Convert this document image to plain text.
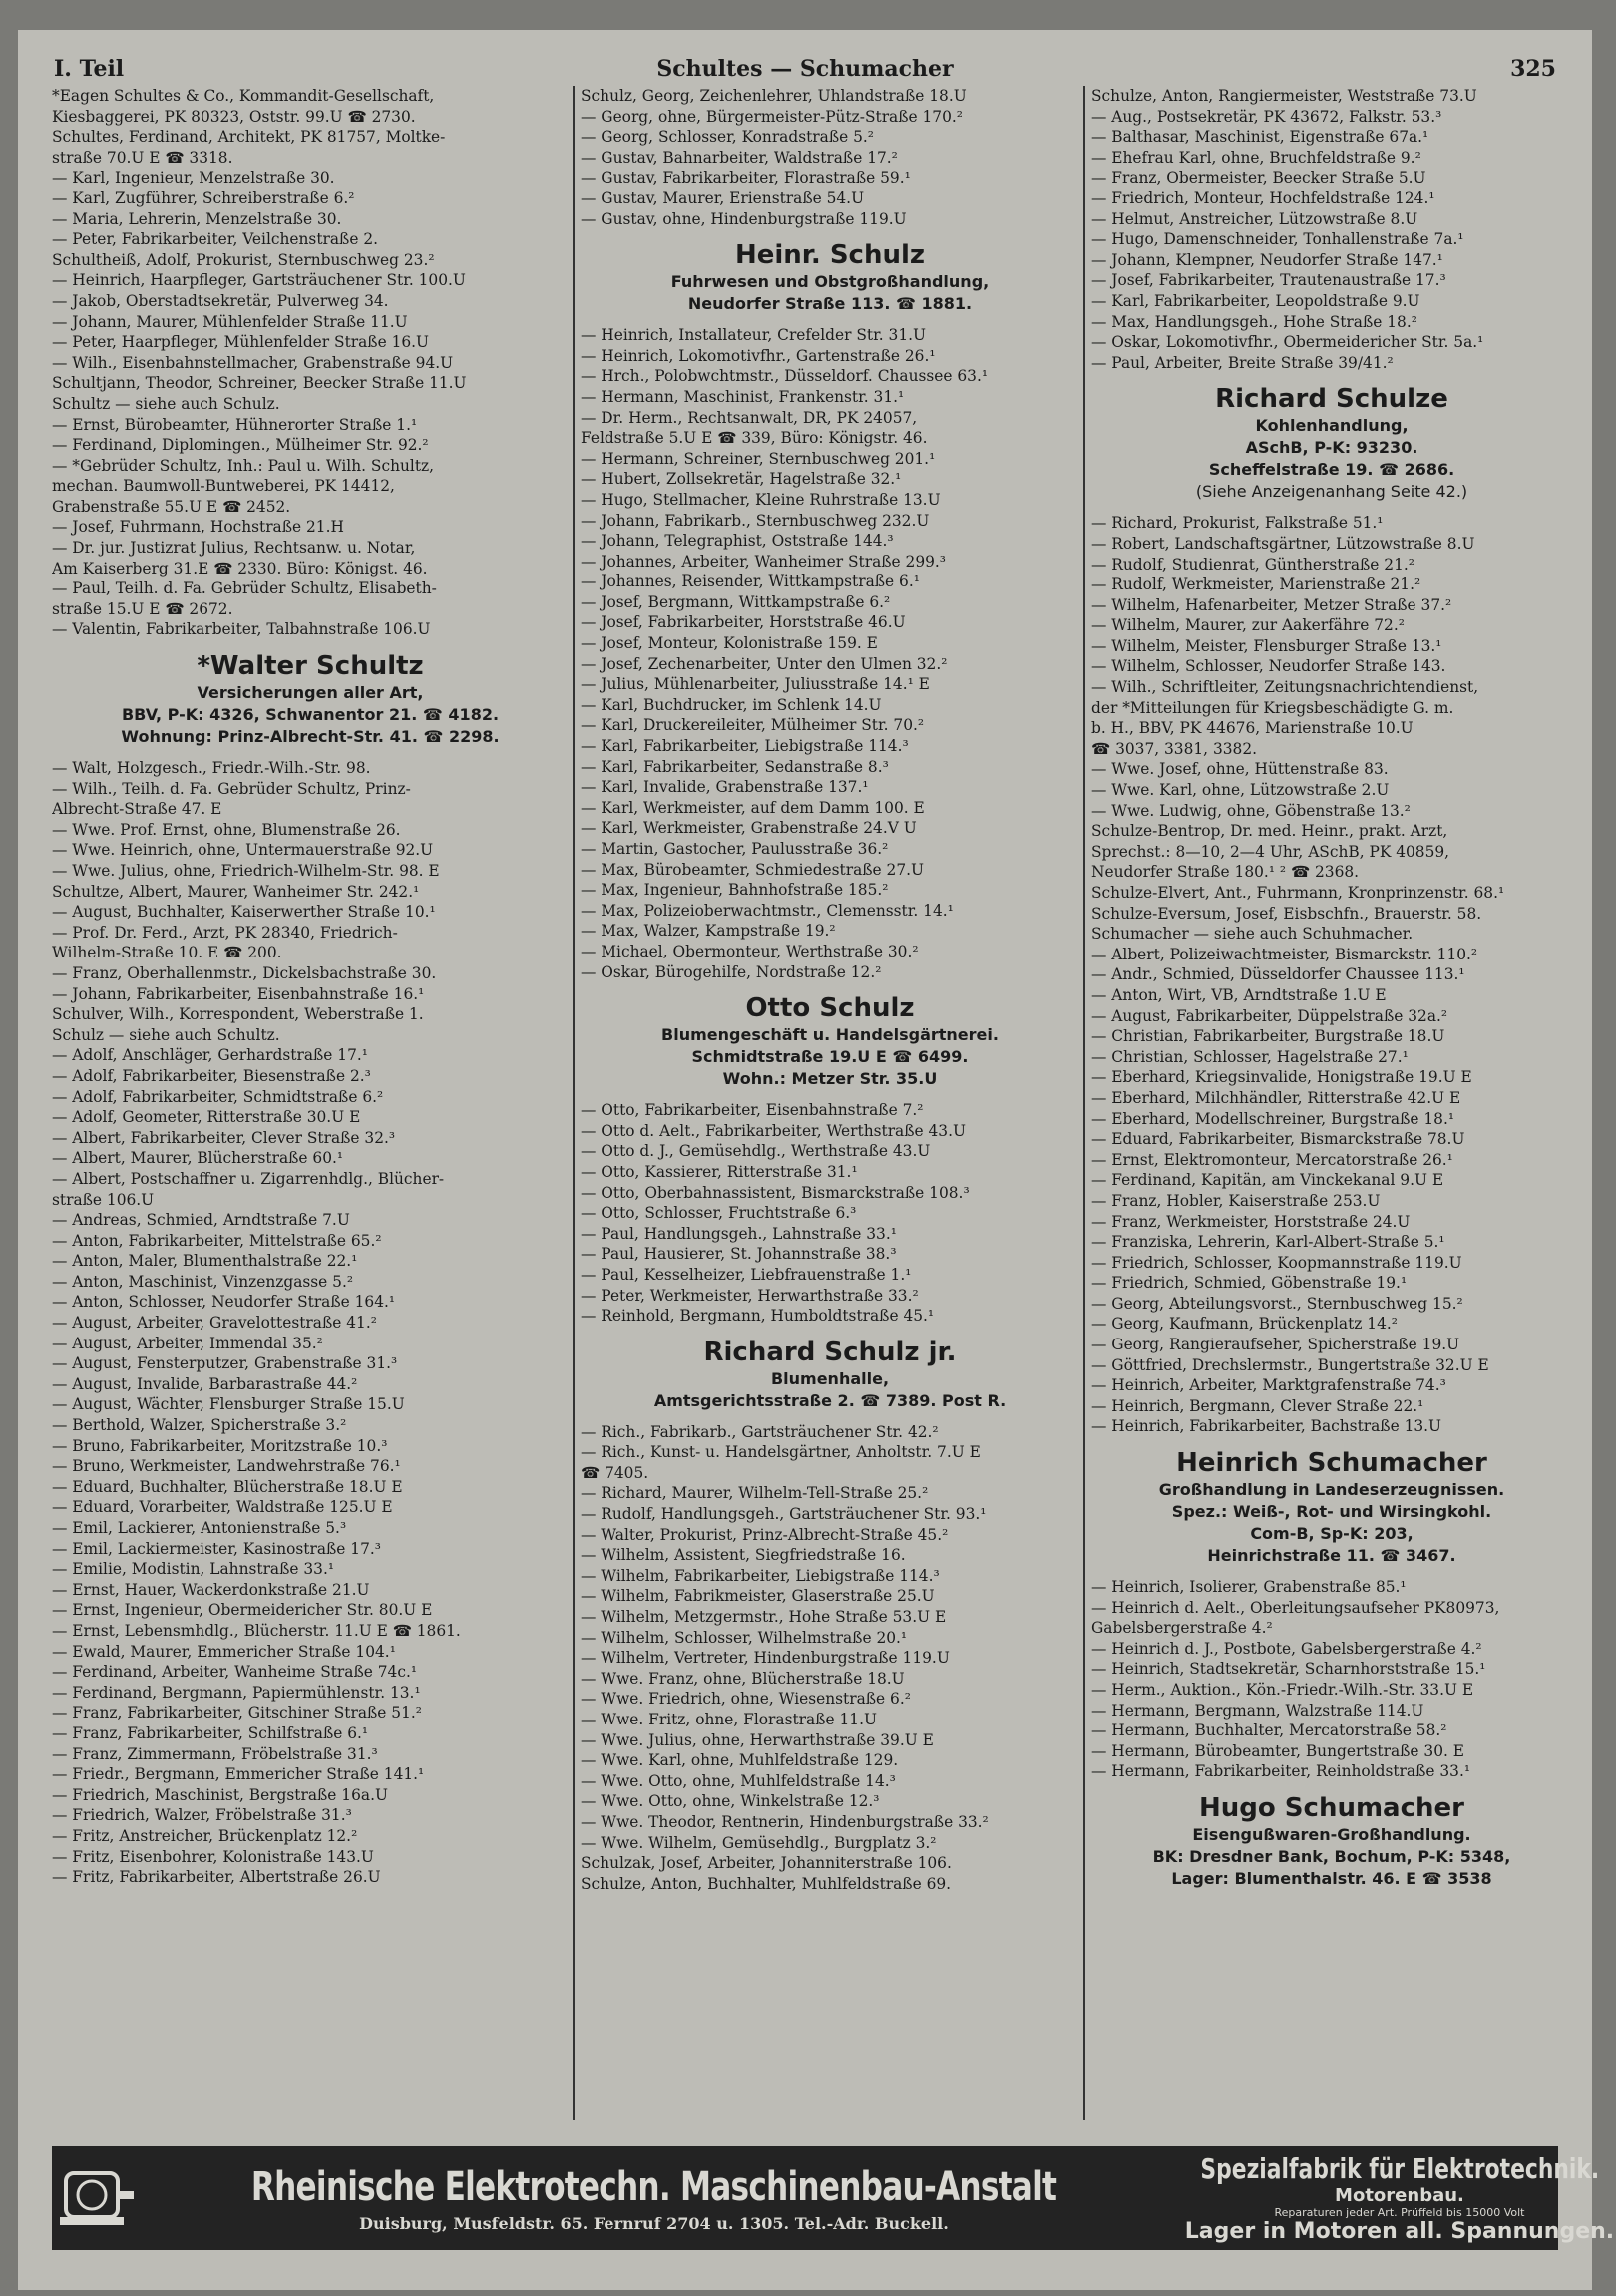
I. Teil	Schultes — Schumacher	325
*Eagen Schultes & Co., Kommandit-Gesellschaft,
Kiesbaggerei, PK 80323, Oststr. 99.U ☎ 2730.
Schultes, Ferdinand, Architekt, PK 81757, Moltke-
straße 70.U E ☎ 3318.
— Karl, Ingenieur, Menzelstraße 30.
— Karl, Zugführer, Schreiberstraße 6.²
— Maria, Lehrerin, Menzelstraße 30.
— Peter, Fabrikarbeiter, Veilchenstraße 2.
Schultheiß, Adolf, Prokurist, Sternbuschweg 23.²
— Heinrich, Haarpfleger, Gartsträuchener Str. 100.U
— Jakob, Oberstadtsekretär, Pulverweg 34.
— Johann, Maurer, Mühlenfelder Straße 11.U
— Peter, Haarpfleger, Mühlenfelder Straße 16.U
— Wilh., Eisenbahnstellmacher, Grabenstraße 94.U
Schultjann, Theodor, Schreiner, Beecker Straße 11.U
Schultz — siehe auch Schulz.
— Ernst, Bürobeamter, Hühnerorter Straße 1.¹
— Ferdinand, Diplomingen., Mülheimer Str. 92.²
— *Gebrüder Schultz, Inh.: Paul u. Wilh. Schultz,
mechan. Baumwoll-Buntweberei, PK 14412,
Grabenstraße 55.U E ☎ 2452.
— Josef, Fuhrmann, Hochstraße 21.H
— Dr. jur. Justizrat Julius, Rechtsanw. u. Notar,
Am Kaiserberg 31.E ☎ 2330. Büro: Königst. 46.
— Paul, Teilh. d. Fa. Gebrüder Schultz, Elisabeth-
straße 15.U E ☎ 2672.
— Valentin, Fabrikarbeiter, Talbahnstraße 106.U
*Walter Schultz
Versicherungen aller Art,
BBV, P-K: 4326, Schwanentor 21. ☎ 4182.
Wohnung: Prinz-Albrecht-Str. 41. ☎ 2298.
— Walt, Holzgesch., Friedr.-Wilh.-Str. 98.
— Wilh., Teilh. d. Fa. Gebrüder Schultz, Prinz-
Albrecht-Straße 47. E
— Wwe. Prof. Ernst, ohne, Blumenstraße 26.
— Wwe. Heinrich, ohne, Untermauerstraße 92.U
— Wwe. Julius, ohne, Friedrich-Wilhelm-Str. 98. E
Schultze, Albert, Maurer, Wanheimer Str. 242.¹
— August, Buchhalter, Kaiserwerther Straße 10.¹
— Prof. Dr. Ferd., Arzt, PK 28340, Friedrich-
Wilhelm-Straße 10. E ☎ 200.
— Franz, Oberhallenmstr., Dickelsbachstraße 30.
— Johann, Fabrikarbeiter, Eisenbahnstraße 16.¹
Schulver, Wilh., Korrespondent, Weberstraße 1.
Schulz — siehe auch Schultz.
— Adolf, Anschläger, Gerhardstraße 17.¹
— Adolf, Fabrikarbeiter, Biesenstraße 2.³
— Adolf, Fabrikarbeiter, Schmidtstraße 6.²
— Adolf, Geometer, Ritterstraße 30.U E
— Albert, Fabrikarbeiter, Clever Straße 32.³
— Albert, Maurer, Blücherstraße 60.¹
— Albert, Postschaffner u. Zigarrenhdlg., Blücher-
straße 106.U
— Andreas, Schmied, Arndtstraße 7.U
— Anton, Fabrikarbeiter, Mittelstraße 65.²
— Anton, Maler, Blumenthalstraße 22.¹
— Anton, Maschinist, Vinzenzgasse 5.²
— Anton, Schlosser, Neudorfer Straße 164.¹
— August, Arbeiter, Gravelottestraße 41.²
— August, Arbeiter, Immendal 35.²
— August, Fensterputzer, Grabenstraße 31.³
— August, Invalide, Barbarastraße 44.²
— August, Wächter, Flensburger Straße 15.U
— Berthold, Walzer, Spicherstraße 3.²
— Bruno, Fabrikarbeiter, Moritzstraße 10.³
— Bruno, Werkmeister, Landwehrstraße 76.¹
— Eduard, Buchhalter, Blücherstraße 18.U E
— Eduard, Vorarbeiter, Waldstraße 125.U E
— Emil, Lackierer, Antonienstraße 5.³
— Emil, Lackiermeister, Kasinostraße 17.³
— Emilie, Modistin, Lahnstraße 33.¹
— Ernst, Hauer, Wackerdonkstraße 21.U
— Ernst, Ingenieur, Obermeidericher Str. 80.U E
— Ernst, Lebensmhdlg., Blücherstr. 11.U E ☎ 1861.
— Ewald, Maurer, Emmericher Straße 104.¹
— Ferdinand, Arbeiter, Wanheime Straße 74c.¹
— Ferdinand, Bergmann, Papiermühlenstr. 13.¹
— Franz, Fabrikarbeiter, Gitschiner Straße 51.²
— Franz, Fabrikarbeiter, Schilfstraße 6.¹
— Franz, Zimmermann, Fröbelstraße 31.³
— Friedr., Bergmann, Emmericher Straße 141.¹
— Friedrich, Maschinist, Bergstraße 16a.U
— Friedrich, Walzer, Fröbelstraße 31.³
— Fritz, Anstreicher, Brückenplatz 12.²
— Fritz, Eisenbohrer, Kolonistraße 143.U
— Fritz, Fabrikarbeiter, Albertstraße 26.U
Schulz, Georg, Zeichenlehrer, Uhlandstraße 18.U
— Georg, ohne, Bürgermeister-Pütz-Straße 170.²
— Georg, Schlosser, Konradstraße 5.²
— Gustav, Bahnarbeiter, Waldstraße 17.²
— Gustav, Fabrikarbeiter, Florastraße 59.¹
— Gustav, Maurer, Erienstraße 54.U
— Gustav, ohne, Hindenburgstraße 119.U
Heinr. Schulz
Fuhrwesen und Obstgroßhandlung,
Neudorfer Straße 113. ☎ 1881.
— Heinrich, Installateur, Crefelder Str. 31.U
— Heinrich, Lokomotivfhr., Gartenstraße 26.¹
— Hrch., Polobwchtmstr., Düsseldorf. Chaussee 63.¹
— Hermann, Maschinist, Frankenstr. 31.¹
— Dr. Herm., Rechtsanwalt, DR, PK 24057,
Feldstraße 5.U E ☎ 339, Büro: Königstr. 46.
— Hermann, Schreiner, Sternbuschweg 201.¹
— Hubert, Zollsekretär, Hagelstraße 32.¹
— Hugo, Stellmacher, Kleine Ruhrstraße 13.U
— Johann, Fabrikarb., Sternbuschweg 232.U
— Johann, Telegraphist, Oststraße 144.³
— Johannes, Arbeiter, Wanheimer Straße 299.³
— Johannes, Reisender, Wittkampstraße 6.¹
— Josef, Bergmann, Wittkampstraße 6.²
— Josef, Fabrikarbeiter, Horststraße 46.U
— Josef, Monteur, Kolonistraße 159. E
— Josef, Zechenarbeiter, Unter den Ulmen 32.²
— Julius, Mühlenarbeiter, Juliusstraße 14.¹ E
— Karl, Buchdrucker, im Schlenk 14.U
— Karl, Druckereileiter, Mülheimer Str. 70.²
— Karl, Fabrikarbeiter, Liebigstraße 114.³
— Karl, Fabrikarbeiter, Sedanstraße 8.³
— Karl, Invalide, Grabenstraße 137.¹
— Karl, Werkmeister, auf dem Damm 100. E
— Karl, Werkmeister, Grabenstraße 24.V U
— Martin, Gastocher, Paulusstraße 36.²
— Max, Bürobeamter, Schmiedestraße 27.U
— Max, Ingenieur, Bahnhofstraße 185.²
— Max, Polizeioberwachtmstr., Clemensstr. 14.¹
— Max, Walzer, Kampstraße 19.²
— Michael, Obermonteur, Werthstraße 30.²
— Oskar, Bürogehilfe, Nordstraße 12.²
Otto Schulz
Blumengeschäft u. Handelsgärtnerei.
Schmidtstraße 19.U E ☎ 6499.
Wohn.: Metzer Str. 35.U
— Otto, Fabrikarbeiter, Eisenbahnstraße 7.²
— Otto d. Aelt., Fabrikarbeiter, Werthstraße 43.U
— Otto d. J., Gemüsehdlg., Werthstraße 43.U
— Otto, Kassierer, Ritterstraße 31.¹
— Otto, Oberbahnassistent, Bismarckstraße 108.³
— Otto, Schlosser, Fruchtstraße 6.³
— Paul, Handlungsgeh., Lahnstraße 33.¹
— Paul, Hausierer, St. Johannstraße 38.³
— Paul, Kesselheizer, Liebfrauenstraße 1.¹
— Peter, Werkmeister, Herwarthstraße 33.²
— Reinhold, Bergmann, Humboldtstraße 45.¹
Richard Schulz jr.
Blumenhalle,
Amtsgerichtsstraße 2. ☎ 7389. Post R.
— Rich., Fabrikarb., Gartsträuchener Str. 42.²
— Rich., Kunst- u. Handelsgärtner, Anholtstr. 7.U E
☎ 7405.
— Richard, Maurer, Wilhelm-Tell-Straße 25.²
— Rudolf, Handlungsgeh., Gartsträuchener Str. 93.¹
— Walter, Prokurist, Prinz-Albrecht-Straße 45.²
— Wilhelm, Assistent, Siegfriedstraße 16.
— Wilhelm, Fabrikarbeiter, Liebigstraße 114.³
— Wilhelm, Fabrikmeister, Glaserstraße 25.U
— Wilhelm, Metzgermstr., Hohe Straße 53.U E
— Wilhelm, Schlosser, Wilhelmstraße 20.¹
— Wilhelm, Vertreter, Hindenburgstraße 119.U
— Wwe. Franz, ohne, Blücherstraße 18.U
— Wwe. Friedrich, ohne, Wiesenstraße 6.²
— Wwe. Fritz, ohne, Florastraße 11.U
— Wwe. Julius, ohne, Herwarthstraße 39.U E
— Wwe. Karl, ohne, Muhlfeldstraße 129.
— Wwe. Otto, ohne, Muhlfeldstraße 14.³
— Wwe. Otto, ohne, Winkelstraße 12.³
— Wwe. Theodor, Rentnerin, Hindenburgstraße 33.²
— Wwe. Wilhelm, Gemüsehdlg., Burgplatz 3.²
Schulzak, Josef, Arbeiter, Johanniterstraße 106.
Schulze, Anton, Buchhalter, Muhlfeldstraße 69.
Schulze, Anton, Rangiermeister, Weststraße 73.U
— Aug., Postsekretär, PK 43672, Falkstr. 53.³
— Balthasar, Maschinist, Eigenstraße 67a.¹
— Ehefrau Karl, ohne, Bruchfeldstraße 9.²
— Franz, Obermeister, Beecker Straße 5.U
— Friedrich, Monteur, Hochfeldstraße 124.¹
— Helmut, Anstreicher, Lützowstraße 8.U
— Hugo, Damenschneider, Tonhallenstraße 7a.¹
— Johann, Klempner, Neudorfer Straße 147.¹
— Josef, Fabrikarbeiter, Trautenaustraße 17.³
— Karl, Fabrikarbeiter, Leopoldstraße 9.U
— Max, Handlungsgeh., Hohe Straße 18.²
— Oskar, Lokomotivfhr., Obermeidericher Str. 5a.¹
— Paul, Arbeiter, Breite Straße 39/41.²
Richard Schulze
Kohlenhandlung,
ASchB, P-K: 93230.
Scheffelstraße 19. ☎ 2686.
(Siehe Anzeigenanhang Seite 42.)
— Richard, Prokurist, Falkstraße 51.¹
— Robert, Landschaftsgärtner, Lützowstraße 8.U
— Rudolf, Studienrat, Güntherstraße 21.²
— Rudolf, Werkmeister, Marienstraße 21.²
— Wilhelm, Hafenarbeiter, Metzer Straße 37.²
— Wilhelm, Maurer, zur Aakerfähre 72.²
— Wilhelm, Meister, Flensburger Straße 13.¹
— Wilhelm, Schlosser, Neudorfer Straße 143.
— Wilh., Schriftleiter, Zeitungsnachrichtendienst,
der *Mitteilungen für Kriegsbeschädigte G. m.
b. H., BBV, PK 44676, Marienstraße 10.U
☎ 3037, 3381, 3382.
— Wwe. Josef, ohne, Hüttenstraße 83.
— Wwe. Karl, ohne, Lützowstraße 2.U
— Wwe. Ludwig, ohne, Göbenstraße 13.²
Schulze-Bentrop, Dr. med. Heinr., prakt. Arzt,
Sprechst.: 8—10, 2—4 Uhr, ASchB, PK 40859,
Neudorfer Straße 180.¹ ² ☎ 2368.
Schulze-Elvert, Ant., Fuhrmann, Kronprinzenstr. 68.¹
Schulze-Eversum, Josef, Eisbschfn., Brauerstr. 58.
Schumacher — siehe auch Schuhmacher.
— Albert, Polizeiwachtmeister, Bismarckstr. 110.²
— Andr., Schmied, Düsseldorfer Chaussee 113.¹
— Anton, Wirt, VB, Arndtstraße 1.U E
— August, Fabrikarbeiter, Düppelstraße 32a.²
— Christian, Fabrikarbeiter, Burgstraße 18.U
— Christian, Schlosser, Hagelstraße 27.¹
— Eberhard, Kriegsinvalide, Honigstraße 19.U E
— Eberhard, Milchhändler, Ritterstraße 42.U E
— Eberhard, Modellschreiner, Burgstraße 18.¹
— Eduard, Fabrikarbeiter, Bismarckstraße 78.U
— Ernst, Elektromonteur, Mercatorstraße 26.¹
— Ferdinand, Kapitän, am Vinckekanal 9.U E
— Franz, Hobler, Kaiserstraße 253.U
— Franz, Werkmeister, Horststraße 24.U
— Franziska, Lehrerin, Karl-Albert-Straße 5.¹
— Friedrich, Schlosser, Koopmannstraße 119.U
— Friedrich, Schmied, Göbenstraße 19.¹
— Georg, Abteilungsvorst., Sternbuschweg 15.²
— Georg, Kaufmann, Brückenplatz 14.²
— Georg, Rangieraufseher, Spicherstraße 19.U
— Göttfried, Drechslermstr., Bungertstraße 32.U E
— Heinrich, Arbeiter, Marktgrafenstraße 74.³
— Heinrich, Bergmann, Clever Straße 22.¹
— Heinrich, Fabrikarbeiter, Bachstraße 13.U
Heinrich Schumacher
Großhandlung in Landeserzeugnissen.
Spez.: Weiß-, Rot- und Wirsingkohl.
Com-B, Sp-K: 203,
Heinrichstraße 11. ☎ 3467.
— Heinrich, Isolierer, Grabenstraße 85.¹
— Heinrich d. Aelt., Oberleitungsaufseher PK80973,
Gabelsbergerstraße 4.²
— Heinrich d. J., Postbote, Gabelsbergerstraße 4.²
— Heinrich, Stadtsekretär, Scharnhorststraße 15.¹
— Herm., Auktion., Kön.-Friedr.-Wilh.-Str. 33.U E
— Hermann, Bergmann, Walzstraße 114.U
— Hermann, Buchhalter, Mercatorstraße 58.²
— Hermann, Bürobeamter, Bungertstraße 30. E
— Hermann, Fabrikarbeiter, Reinholdstraße 33.¹
Hugo Schumacher
Eisengußwaren-Großhandlung.
BK: Dresdner Bank, Bochum, P-K: 5348,
Lager: Blumenthalstr. 46. E ☎ 3538
Rheinische Elektrotechn. Maschinenbau-Anstalt
Duisburg, Musfeldstr. 65. Fernruf 2704 u. 1305. Tel.-Adr. Buckell.
Spezialfabrik für Elektrotechnik.
Motorenbau.
Reparaturen jeder Art. Prüffeld bis 15000 Volt
Lager in Motoren all. Spannungen.
